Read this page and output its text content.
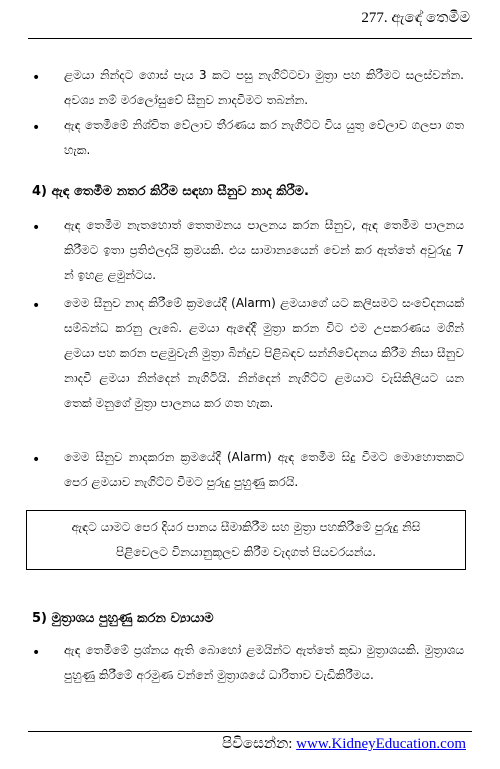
277. ඇඳේ තෙමීම
• ළමයා නින්දට ගොස් පැය 3 කට පසු නැගිට්ටවා මුත්‍රා පහ කිරීමට සලස්වන්න. අවශ්‍ය නම් මරලෝසුවේ සීනුව නාදවීමට තබන්න.
• ඇඳ තෙමීමේ නිශ්චිත වේලාව තීරණය කර නැගිට්ට විය යුතු වේලාව ගලපා ගත හැක.
4) ඇඳ තෙමීම නතර කිරීම සඳහා සීනුව නාද කිරීම.
• ඇඳ තෙමීම නැතහොත් තෙතමනය පාලනය කරන සීනුව, ඇඳ තෙමීම පාලනය කිරීමට ඉතා ප්‍රතිඵලදායි ක්‍රමයකි. එය සාමාන්‍යයෙන් වෙන් කර ඇත්තේ අවුරුදු 7 න් ඉහළ ළමුන්ටය.
• මෙම සීනුව නාද කිරීමේ ක්‍රමයේදී (Alarm) ළමයාගේ යට කලිසමට සංවේදනයක් සම්බන්ධ කරනු ලැබේ. ළමයා ඇඳේදී මුත්‍රා කරන විට එම උපකරණය මගින් ළමයා පහ කරන පළමුවැනි මුත්‍රා බින්දුව පිළිබඳව සන්නිවේදනය කිරීම නිසා සීනුව නාදවී ළමයා නින්දෙන් නැගිටියි. නින්දෙන් නැගිට්ට ළමයාට වැසිකිලියට යන තෙක් මනුගේ මුත්‍රා පාලනය කර ගත හැක.
• මෙම සීනුව නාදකරන ක්‍රමයේදී (Alarm) ඇඳ තෙමීම සිදු වීමට මොහොතකට පෙර ළමයාව නැගිට්ට වීමට පුරුදු පුහුණු කරයි.
ඇඳට යාමට පෙර දියර පානය සීමාකිරීම සහ මුත්‍රා පහකිරීමේ පුරුදු නිසි පිළිවෙලට විනයානුකූලව කිරීම වැදගත් පියවරයන්ය.
5) මුත්‍රාශය පුහුණු කරන ව්‍යායාම
• ඇඳ තෙමීමේ ප්‍රශ්නය ඇති බොහෝ ළමයින්ට ඇත්තේ කුඩා මුත්‍රාශයකි. මුත්‍රාශය පුහුණු කිරීමේ අරමුණ වන්නේ මුත්‍රාශයේ ධාරිතාව වැඩිකිරීමය.
පිවිසෙන්න: www.KidneyEducation.com
